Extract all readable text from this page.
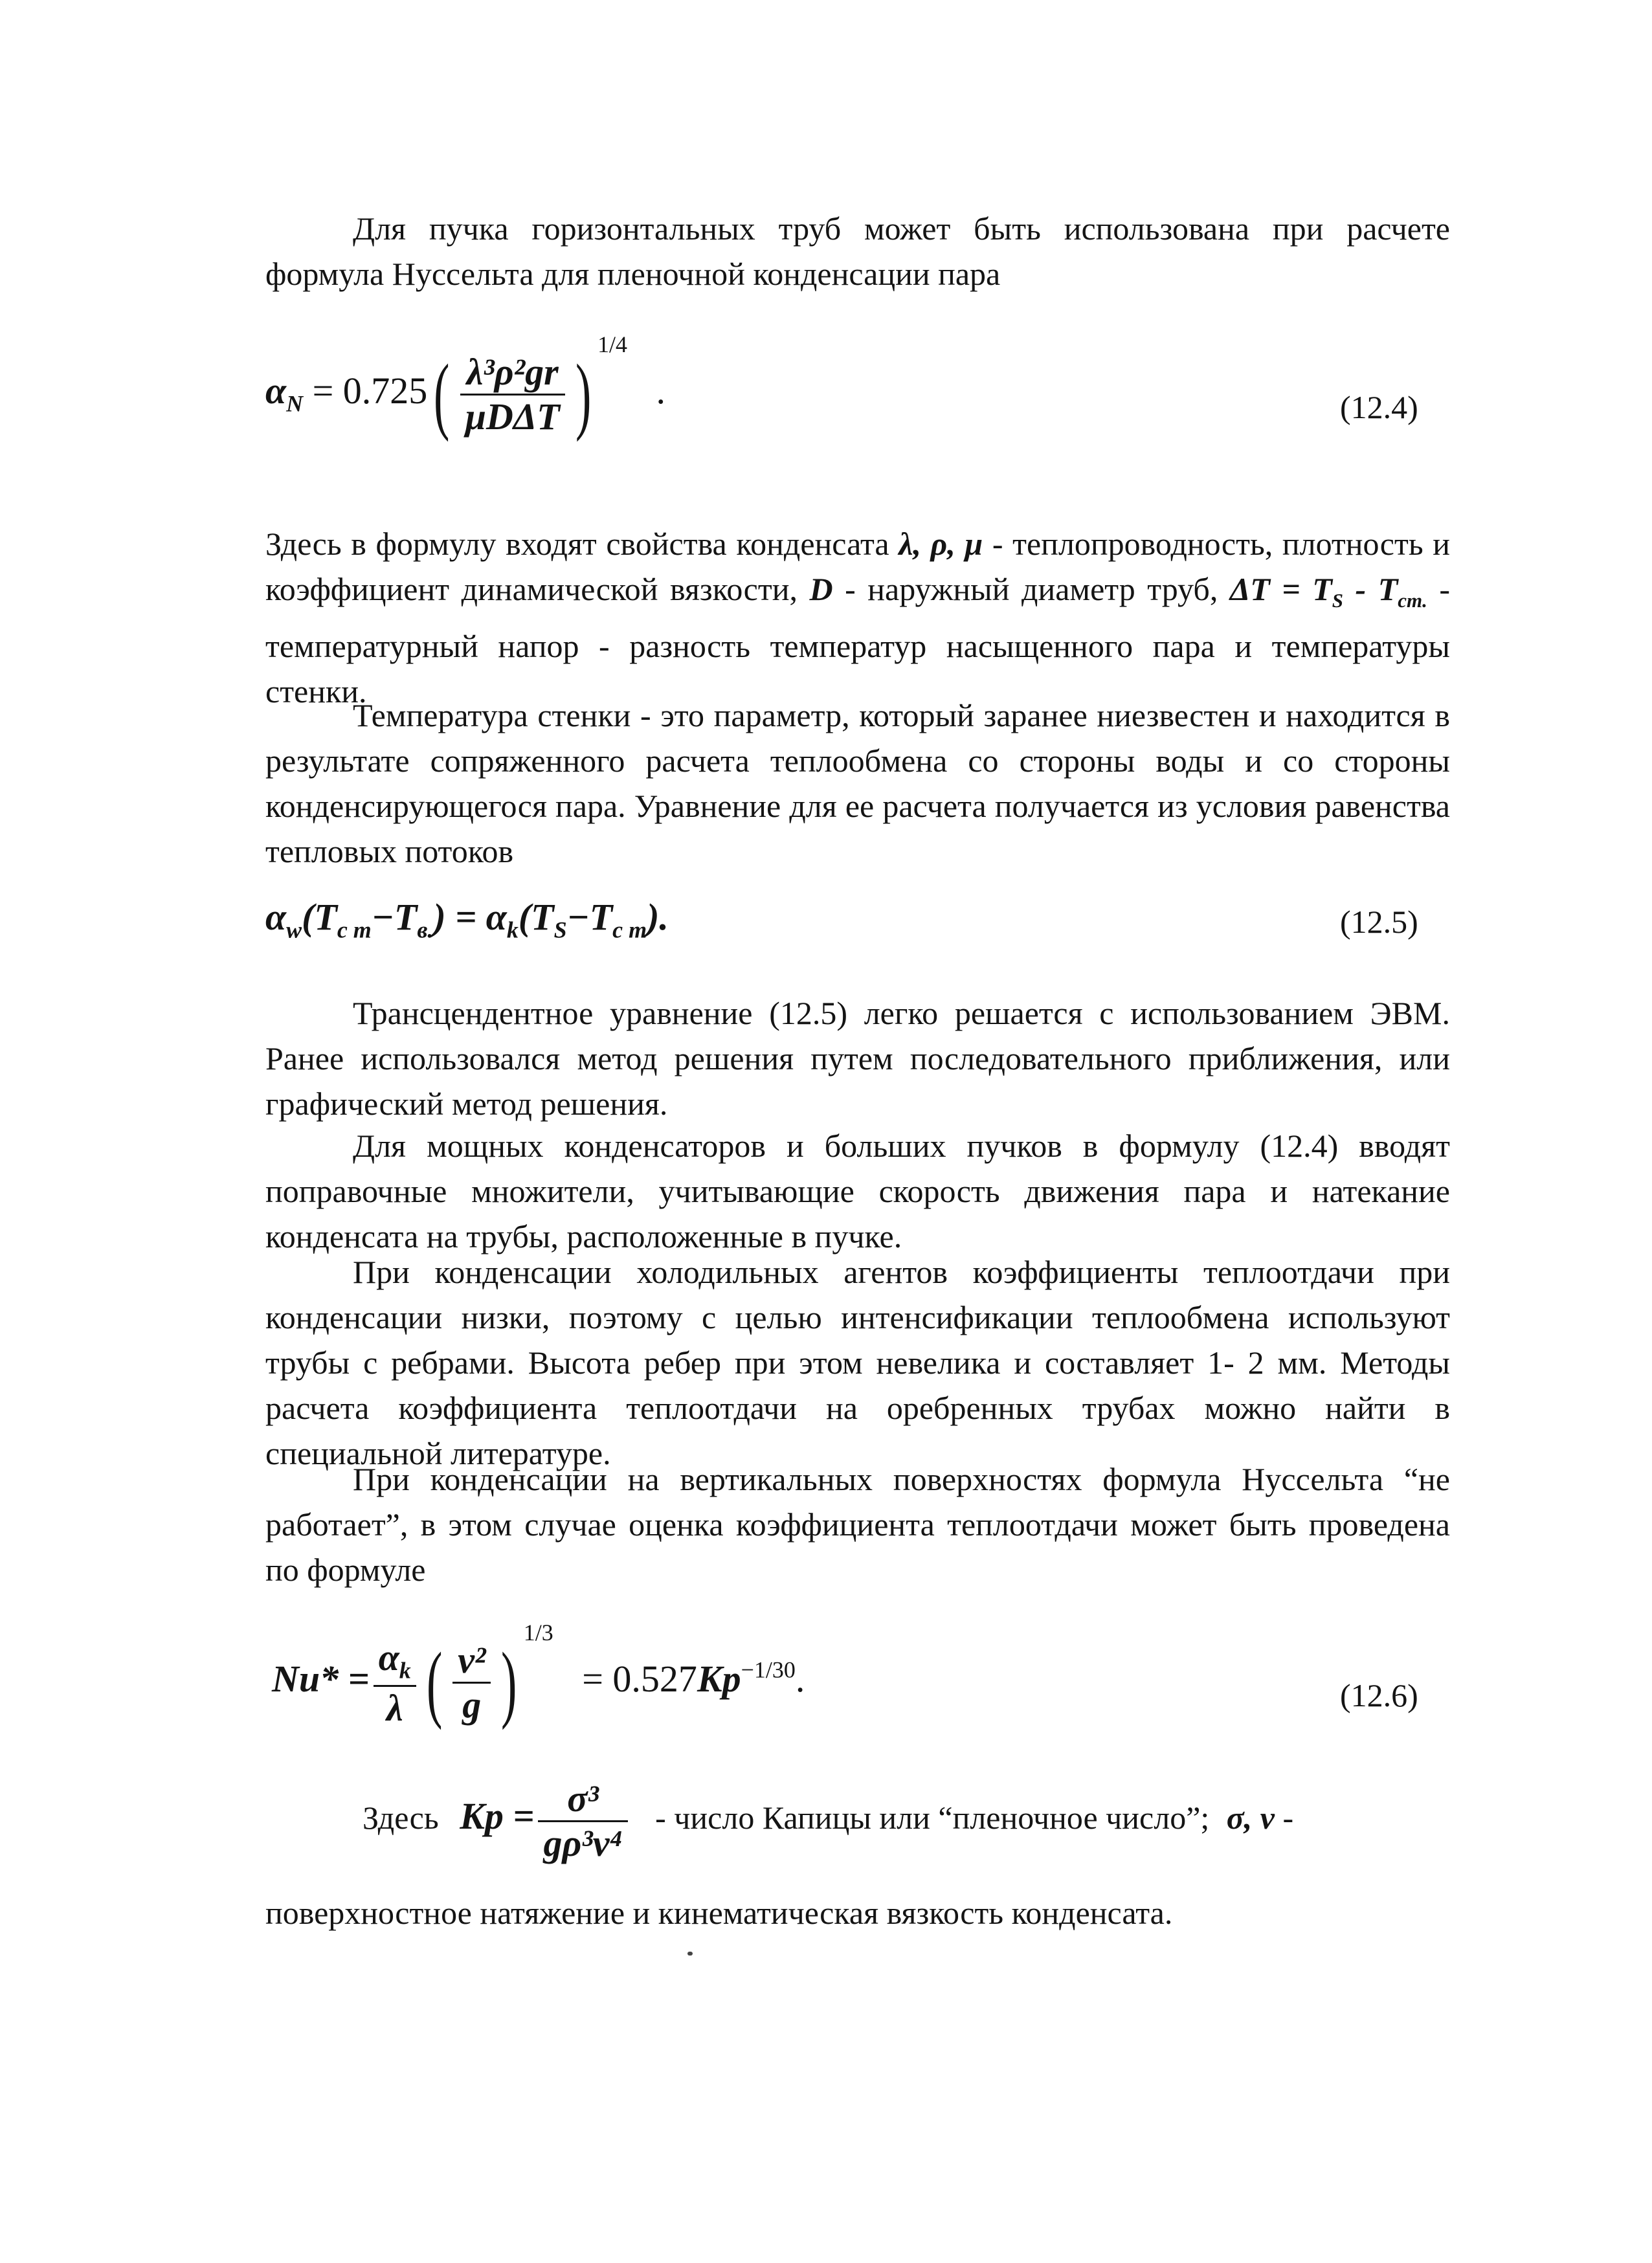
Для пучка горизонтальных труб может быть использована при расчете формула Нуссельта для пленочной конденсации пара
$\alpha_N = 0.725( \frac{\text{λ³ρ²gr}}{\text{μDΔT}} )^{1/4}$ .	(12.4)
Здесь в формулу входят свойства конденсата λ, ρ, μ - теплопроводность, плотность и коэффициент динамической вязкости, D - наружный диаметр труб, $\Delta T = T_S - T_{cm.}$ - температурный напор - разность температур насыщенного пара и температуры стенки.
Температура стенки - это параметр, который заранее ниезвестен и находится в результате сопряженного расчета теплообмена со стороны воды и со стороны конденсирующегося пара. Уравнение для ее расчета получается из условия равенства тепловых потоков
$\alpha_w(T_{c m}-T_{в.}) = \alpha_k(T_S-T_{c m})$.	(12.5)
Трансцендентное уравнение (12.5) легко решается с использованием ЭВМ. Ранее использовался метод решения путем последовательного приближения, или графический метод решения.
Для мощных конденсаторов и больших пучков в формулу (12.4) вводят поправочные множители, учитывающие скорость движения пара и натекание конденсата на трубы, расположенные в пучке.
При конденсации холодильных агентов коэффициенты теплоотдачи при конденсации низки, поэтому с целью интенсификации теплообмена используют трубы с ребрами. Высота ребер при этом невелика и составляет 1- 2 мм. Методы расчета коэффициента теплоотдачи на оребренных трубах можно найти в специальной литературе.
При конденсации на вертикальных поверхностях формула Нуссельта “не работает”, в этом случае оценка коэффициента теплоотдачи может быть проведена по формуле
$Nu* = \frac{\alpha_k}{\lambda}$ ( $\frac{\text{ν²}}{g} )^{1/3} = 0.527Kp^{-1/30}$.	(12.6)
Здесь $Kp = \frac{\text{σ³}}{\text{gρ³ν⁴}}$ - число Капицы или “пленочное число”; σ, ν -
поверхностное натяжение и кинематическая вязкость конденсата.
